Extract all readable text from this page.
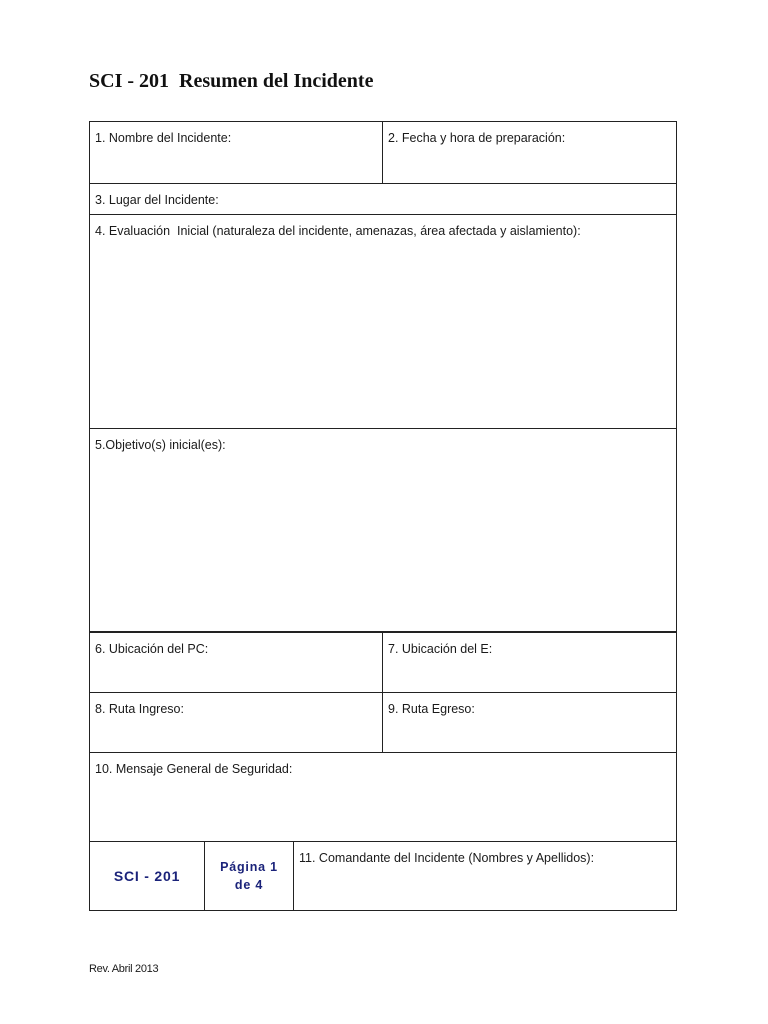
SCI - 201  Resumen del Incidente
1. Nombre del Incidente:	2. Fecha y hora de preparación:
3. Lugar del Incidente:
4. Evaluación  Inicial (naturaleza del incidente, amenazas, área afectada y aislamiento):
5.Objetivo(s) inicial(es):
6. Ubicación del PC:	7. Ubicación del E:
8. Ruta Ingreso:	9. Ruta Egreso:
10. Mensaje General de Seguridad:
SCI - 201
Página 1
de 4
11. Comandante del Incidente (Nombres y Apellidos):
Rev. Abril 2013
